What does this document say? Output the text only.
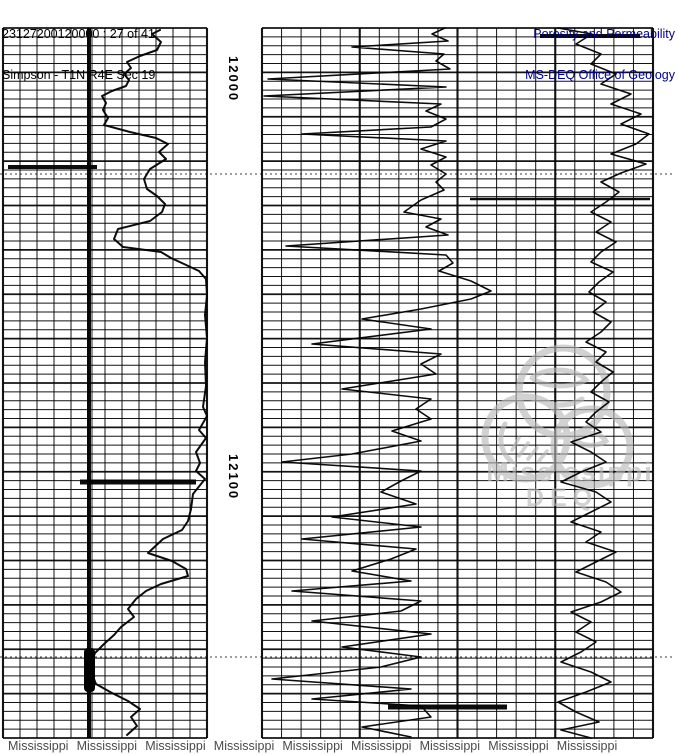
Mississippi
DEQ

23127200120000 : 27 of 41

Simpson - T1N R4E Sec 19

Porosity and Permeability

MS-DEQ Office of Geology

12000
12100
Mississippi Mississippi Mississippi Mississippi Mississippi Mississippi Mississippi Mississippi Mississippi
